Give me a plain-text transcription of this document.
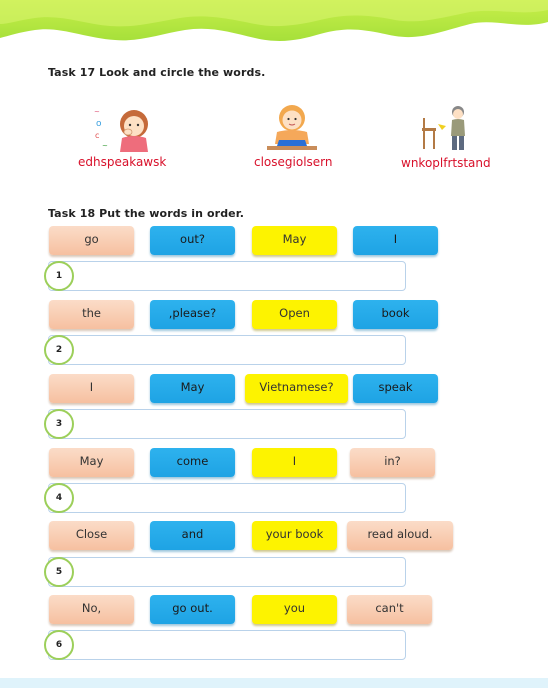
Task 17 Look and circle the words.
~
o
c
~
edhspeakawsk	closegiolsern	wnkoplfrtstand
Task 18 Put the words in order.
go	out?	May	I
1
the	,please?	Open	book
2
I	May	Vietnamese?	speak
3
May	come	I	in?
4
Close	and	your book	read aloud.
5
No,	go out.	you	can't
6
